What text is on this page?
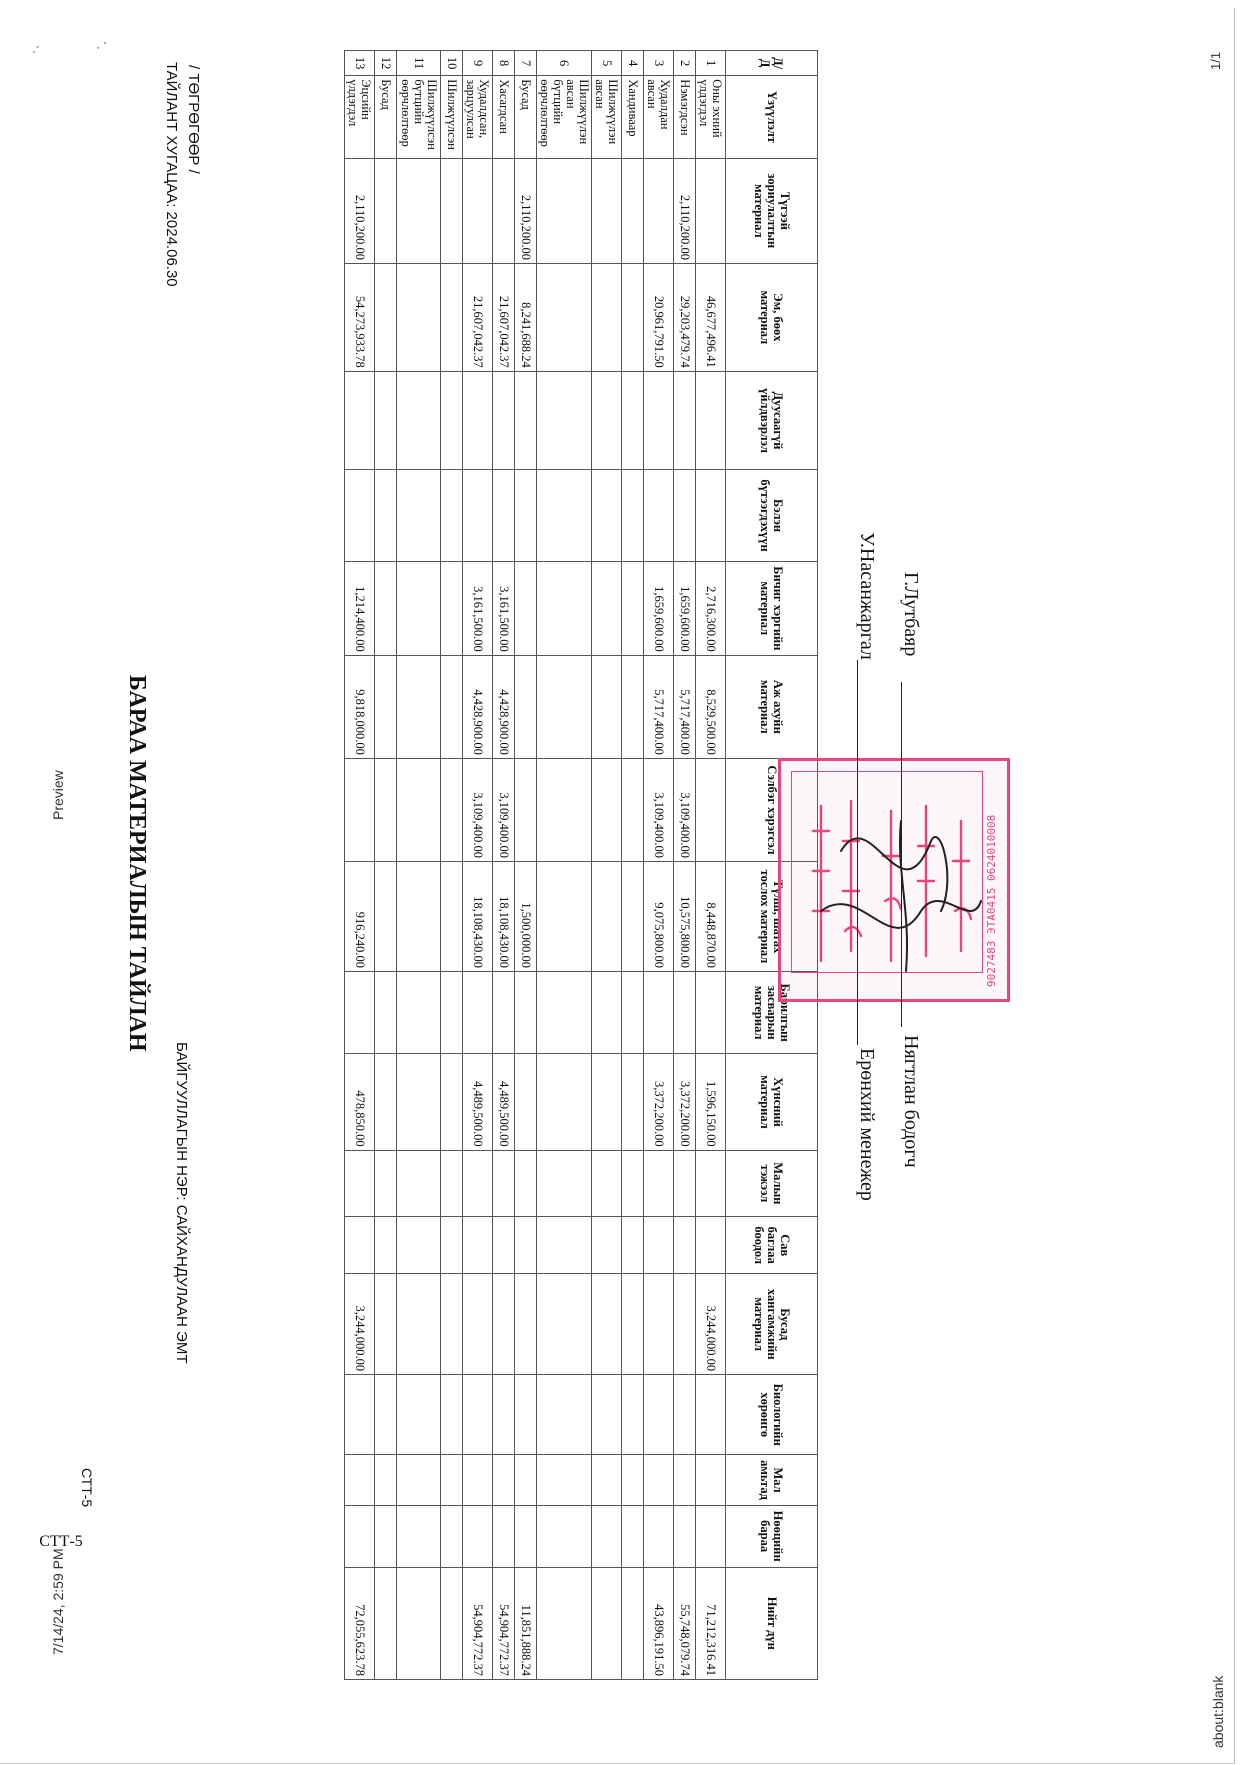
7/14/24, 2:59 PM
Preview
about:blank
1/1
·´	· ´
СТТ-5
СТТ-5
БАЙГУУЛЛАГЫН НЭР: САЙХАНДУЛААН ЭМТ
БАРАА МАТЕРИАЛЫН ТАЙЛАН
ТАЙЛАНТ ХУГАЦАА: 2024.06.30 / ТӨГРӨГӨӨР /
Д/Д	Үзүүлэлт	Түгээй зориулалтын материал	Эм, бөөх материал	Дуусаагүй үйлдвэрлэл	Бэлэн бүтээгдэхүүн	Бичиг хэргийн материал	Аж ахуйн материал	Сэлбэг хэрэгсэл	Түлш, шатах тослох материал	Барилгын засварын материал	Хүнсний материал	Малын тэжээл	Сав баглаа боодол	Бусад хангамжийн материал	Биологийн хөрөнгө	Мал амьтад	Нөөцийн бараа	Нийт дүн
1	Оны эхний үлдэгдэл		46,677,496.41			2,716,300.00	8,529,500.00		8,448,870.00		1,596,150.00			3,244,000.00				71,212,316.41
2	Нэмэгдсэн	2,110,200.00	29,203,479.74			1,659,600.00	5,717,400.00	3,109,400.00	10,575,800.00		3,372,200.00							55,748,079.74
3	Худалдан авсан		20,961,791.50			1,659,600.00	5,717,400.00	3,109,400.00	9,075,800.00		3,372,200.00							43,896,191.50
4	Хандиваар																	
5	Шилжүүлэн авсан																	
6	Шилжүүлэн авсан бүтцийн өөрчлөлтөөр																	
7	Бусад	2,110,200.00	8,241,688.24						1,500,000.00									11,851,888.24
8	Хасагдсан		21,607,042.37			3,161,500.00	4,428,900.00	3,109,400.00	18,108,430.00		4,489,500.00							54,904,772.37
9	Худалдсан, зарцуулсан		21,607,042.37			3,161,500.00	4,428,900.00	3,109,400.00	18,108,430.00		4,489,500.00							54,904,772.37
10	Шилжүүлсэн																	
11	Шилжүүлсэн бүтцийн өөрчлөлтөөр																	
12	Бусад																	
13	Эцсийн үлдэгдэл	2,110,200.00	54,273,933.78			1,214,400.00	9,818,000.00		916,240.00		478,850.00			3,244,000.00				72,055,623.78
9027483 ЭТА0415 0624010008
Ерөнхий менежер
У.Насанжаргал
Нягтлан бодогч
Г.Лутбаяр
